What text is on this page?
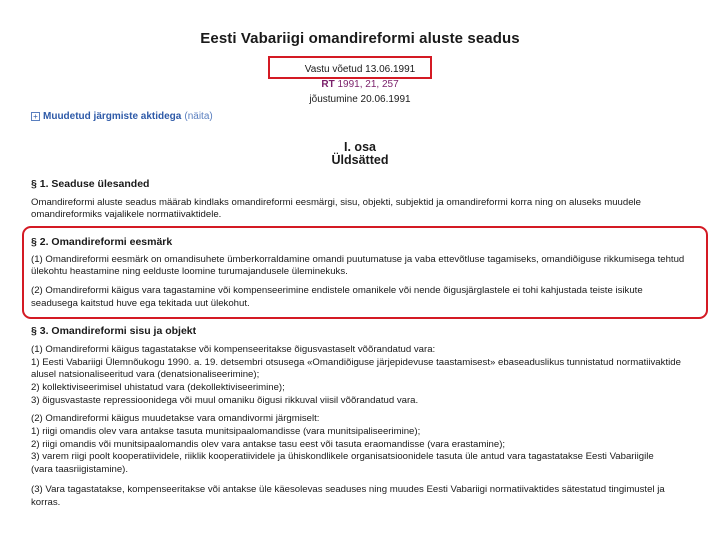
Eesti Vabariigi omandireformi aluste seadus
Vastu võetud 13.06.1991
RT 1991, 21, 257
jõustumine 20.06.1991
+ Muudetud järgmiste aktidega (näita)
I. osa
Üldsätted
§ 1. Seaduse ülesanded
Omandireformi aluste seadus määrab kindlaks omandireformi eesmärgi, sisu, objekti, subjektid ja omandireformi korra ning on aluseks muudele
omandireformiks vajalikele normatiivaktidele.
§ 2. Omandireformi eesmärk
(1) Omandireformi eesmärk on omandisuhete ümberkorraldamine omandi puutumatuse ja vaba ettevõtluse tagamiseks, omandiõiguse rikkumisega tehtud
ülekohtu heastamine ning eelduste loomine turumajandusele üleminekuks.
(2) Omandireformi käigus vara tagastamine või kompenseerimine endistele omanikele või nende õigusjärglastele ei tohi kahjustada teiste isikute
seadusega kaitstud huve ega tekitada uut ülekohut.
§ 3. Omandireformi sisu ja objekt
(1) Omandireformi käigus tagastatakse või kompenseeritakse õigusvastaselt võõrandatud vara:
1) Eesti Vabariigi Ülemnõukogu 1990. a. 19. detsembri otsusega «Omandiõiguse järjepidevuse taastamisest» ebaseaduslikus tunnistatud normatiivaktide
alusel natsionaliseeritud vara (denatsionaliseerimine);
2) kollektiviseerimisel uhistatud vara (dekollektiviseerimine);
3) õigusvastaste repressioonidega või muul omaniku õigusi rikkuval viisil võõrandatud vara.
(2) Omandireformi käigus muudetakse vara omandivormi järgmiselt:
1) riigi omandis olev vara antakse tasuta munitsipaalomandisse (vara munitsipaliseerimine);
2) riigi omandis või munitsipaalomandis olev vara antakse tasu eest või tasuta eraomandisse (vara erastamine);
3) varem riigi poolt kooperatiividele, riiklik kooperatiividele ja ühiskondlikele organisatsioonidele tasuta üle antud vara tagastatakse Eesti Vabariigile
(vara taasriigistamine).
(3) Vara tagastatakse, kompenseeritakse või antakse üle käesolevas seaduses ning muudes Eesti Vabariigi normatiivaktides sätestatud tingimustel ja
korras.
